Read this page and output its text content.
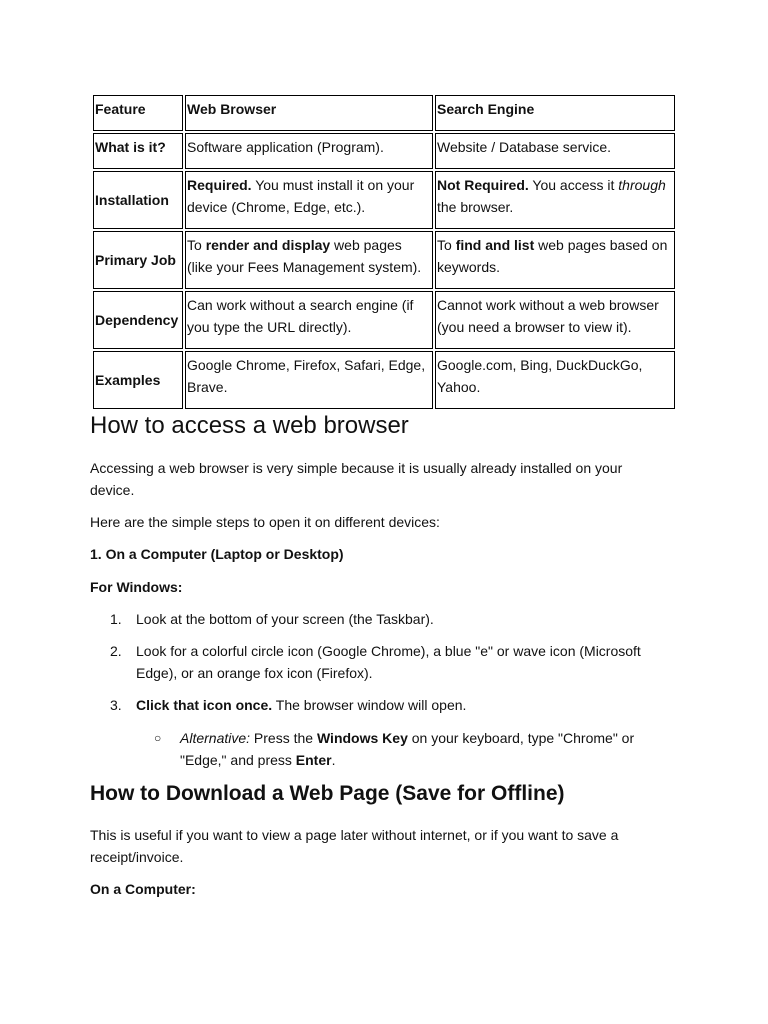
Feature	Web Browser	Search Engine
What is it?	Software application (Program).	Website / Database service.
Installation	Required. You must install it on your device (Chrome, Edge, etc.).	Not Required. You access it through the browser.
Primary Job	To render and display web pages (like your Fees Management system).	To find and list web pages based on keywords.
Dependency	Can work without a search engine (if you type the URL directly).	Cannot work without a web browser (you need a browser to view it).
Examples	Google Chrome, Firefox, Safari, Edge, Brave.	Google.com, Bing, DuckDuckGo, Yahoo.
How to access a web browser

Accessing a web browser is very simple because it is usually already installed on your device.

Here are the simple steps to open it on different devices:

1. On a Computer (Laptop or Desktop)

For Windows:

1. Look at the bottom of your screen (the Taskbar).
2. Look for a colorful circle icon (Google Chrome), a blue "e" or wave icon (Microsoft Edge), or an orange fox icon (Firefox).
3. Click that icon once. The browser window will open.
○	Alternative: Press the Windows Key on your keyboard, type "Chrome" or "Edge," and press Enter.
How to Download a Web Page (Save for Offline)

This is useful if you want to view a page later without internet, or if you want to save a receipt/invoice.

On a Computer:
